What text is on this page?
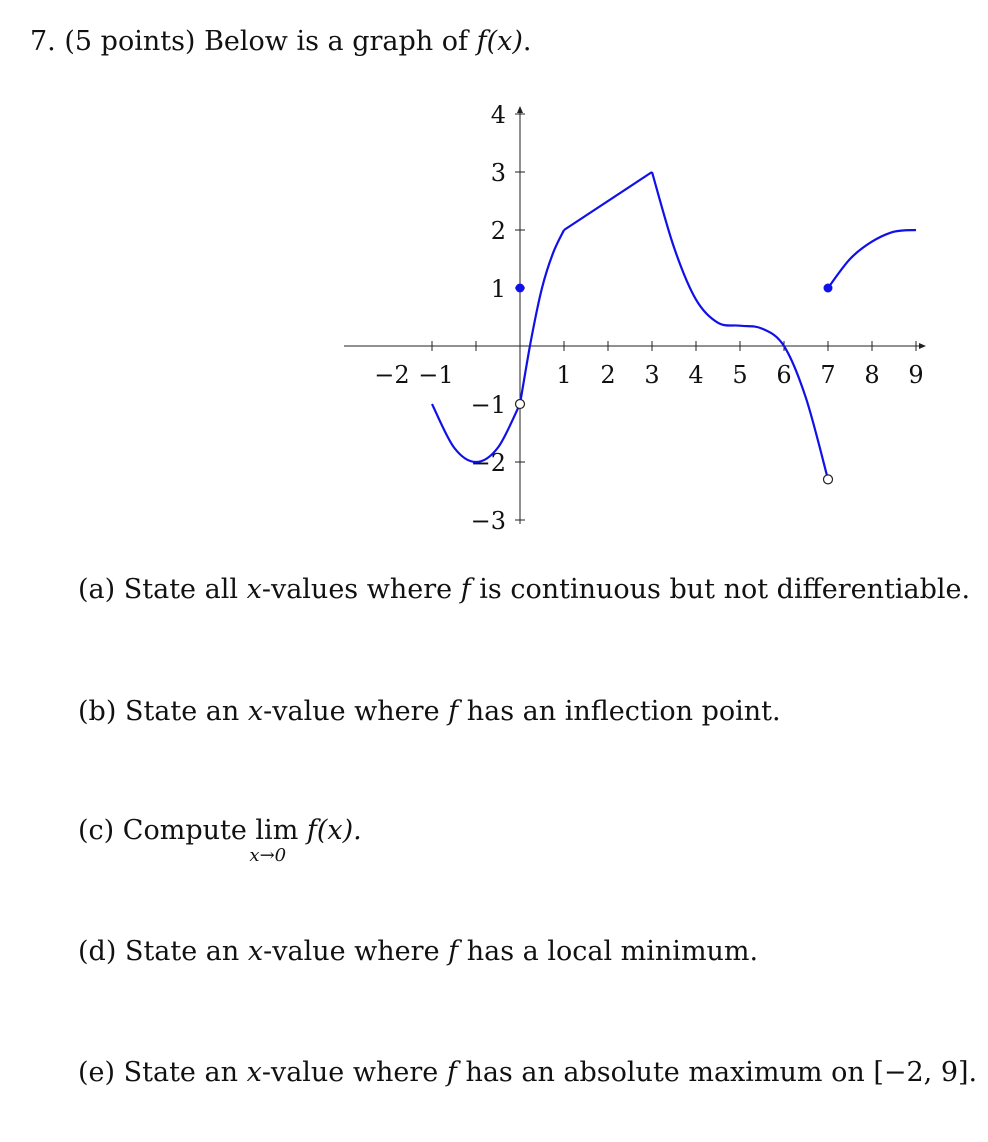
7. (5 points) Below is a graph of f(x).
−2 −1	1 2 3 4 5 6 7 8 9
−3
−2
−1
1
2
3
4
(a) State all x-values where f is continuous but not differentiable.
(b) State an x-value where f has an inflection point.
(c) Compute lim
x→0
f(x).
(d) State an x-value where f has a local minimum.
(e) State an x-value where f has an absolute maximum on [−2, 9].
